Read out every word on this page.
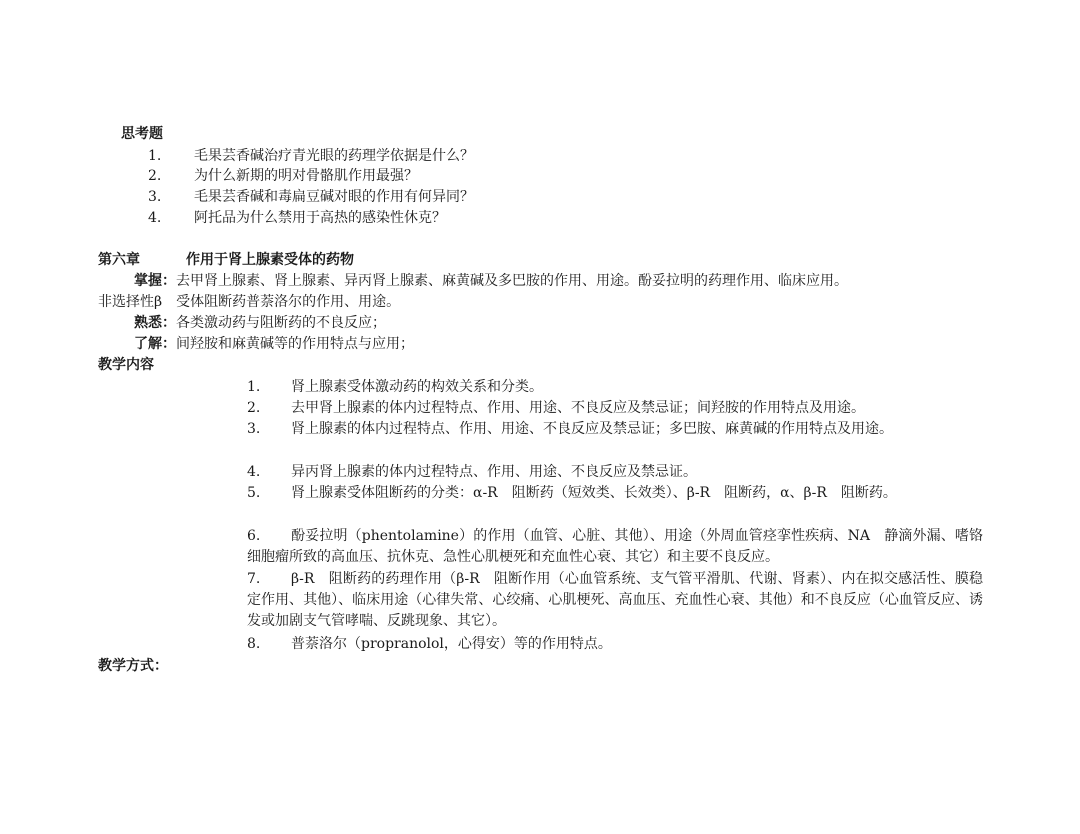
思考题
1. 毛果芸香碱治疗青光眼的药理学依据是什么？
2. 为什么新期的明对骨骼肌作用最强？
3. 毛果芸香碱和毒扁豆碱对眼的作用有何异同？
4. 阿托品为什么禁用于高热的感染性休克？
第六章	作用于肾上腺素受体的药物
掌握：去甲肾上腺素、肾上腺素、异丙肾上腺素、麻黄碱及多巴胺的作用、用途。酚妥拉明的药理作用、临床应用。
非选择性β　受体阻断药普萘洛尔的作用、用途。
熟悉：各类激动药与阻断药的不良反应；
了解：间羟胺和麻黄碱等的作用特点与应用；
教学内容
1. 肾上腺素受体激动药的构效关系和分类。
2. 去甲肾上腺素的体内过程特点、作用、用途、不良反应及禁忌证；间羟胺的作用特点及用途。
3. 肾上腺素的体内过程特点、作用、用途、不良反应及禁忌证；多巴胺、麻黄碱的作用特点及用途。
4. 异丙肾上腺素的体内过程特点、作用、用途、不良反应及禁忌证。
5. 肾上腺素受体阻断药的分类：α-R　阻断药（短效类、长效类）、β-R　阻断药，α、β-R　阻断药。
6. 酚妥拉明（phentolamine）的作用（血管、心脏、其他）、用途（外周血管痉挛性疾病、NA　静滴外漏、嗜铬细胞瘤所致的高血压、抗休克、急性心肌梗死和充血性心衰、其它）和主要不良反应。
7. β-R　阻断药的药理作用（β-R　阻断作用（心血管系统、支气管平滑肌、代谢、肾素）、内在拟交感活性、膜稳定作用、其他）、临床用途（心律失常、心绞痛、心肌梗死、高血压、充血性心衰、其他）和不良反应（心血管反应、诱发或加剧支气管哮喘、反跳现象、其它）。
8. 普萘洛尔（propranolol，心得安）等的作用特点。
教学方式：
